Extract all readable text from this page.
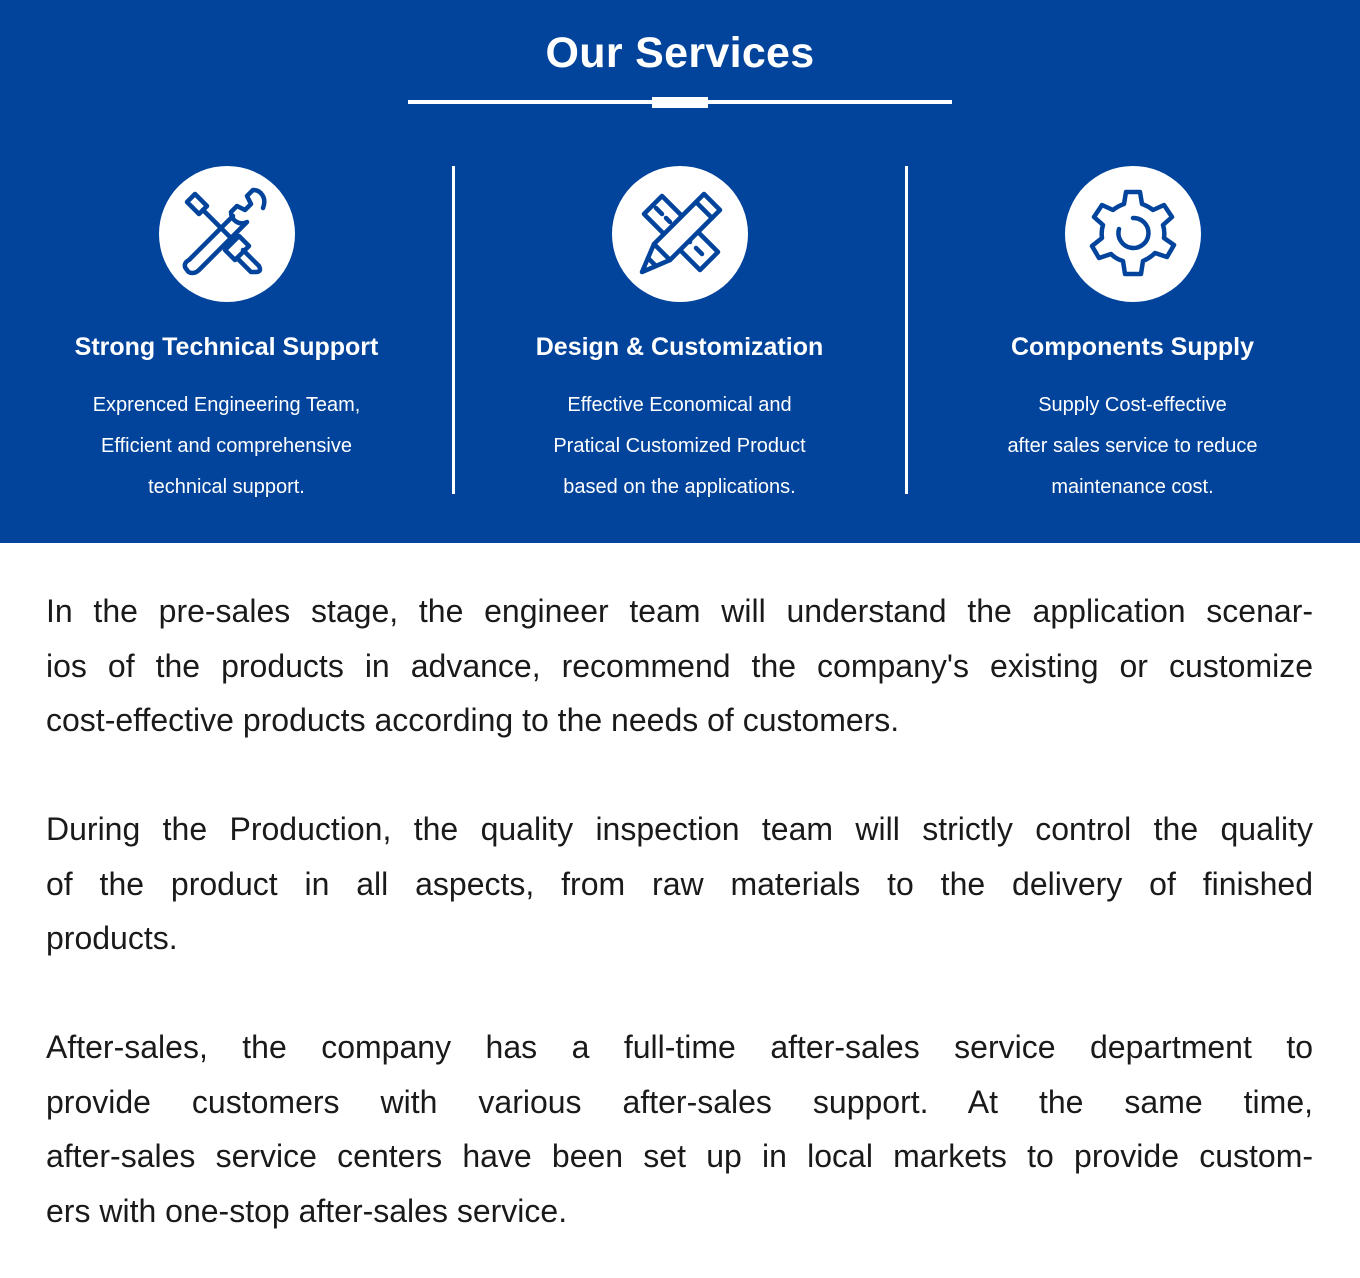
Our Services
Strong Technical Support
Exprenced Engineering Team,
Efficient and comprehensive
technical support.
Design & Customization
Effective Economical and
Pratical Customized Product
based on the applications.
Components Supply
Supply Cost-effective
after sales service to reduce
maintenance cost.
In the pre-sales stage, the engineer team will understand the application scenar-
ios of the products in advance, recommend the company's existing or customize
cost-effective products according to the needs of customers.
During the Production, the quality inspection team will strictly control the quality
of the product in all aspects, from raw materials to the delivery of finished
products.
After-sales, the company has a full-time after-sales service department to
provide customers with various after-sales support. At the same time,
after-sales service centers have been set up in local markets to provide custom-
ers with one-stop after-sales service.
